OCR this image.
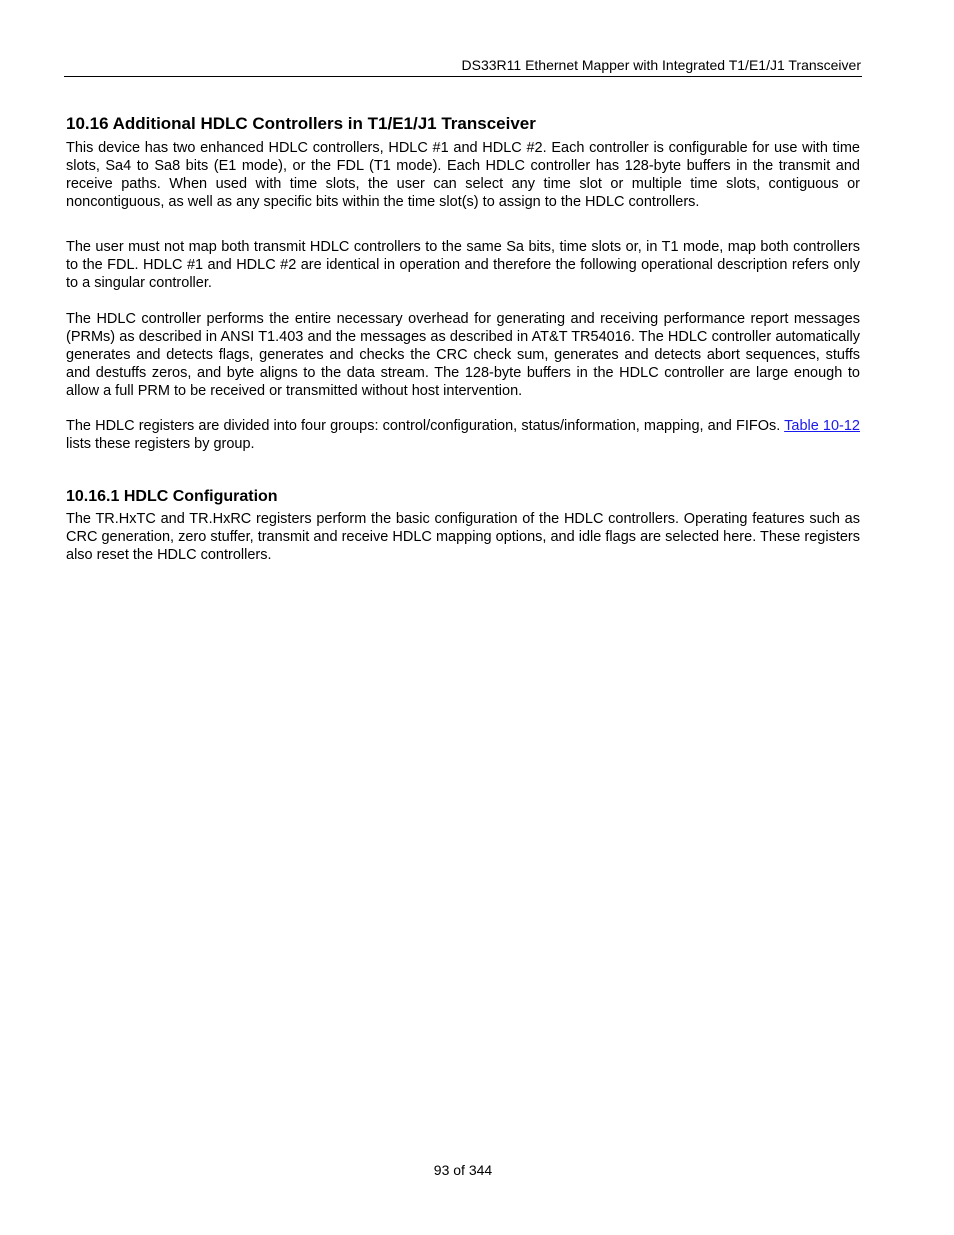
DS33R11 Ethernet Mapper with Integrated T1/E1/J1 Transceiver
10.16 Additional HDLC Controllers in T1/E1/J1 Transceiver
This device has two enhanced HDLC controllers, HDLC #1 and HDLC #2. Each controller is configurable for use with time slots, Sa4 to Sa8 bits (E1 mode), or the FDL (T1 mode). Each HDLC controller has 128-byte buffers in the transmit and receive paths. When used with time slots, the user can select any time slot or multiple time slots, contiguous or noncontiguous, as well as any specific bits within the time slot(s) to assign to the HDLC controllers.
The user must not map both transmit HDLC controllers to the same Sa bits, time slots or, in T1 mode, map both controllers to the FDL. HDLC #1 and HDLC #2 are identical in operation and therefore the following operational description refers only to a singular controller.
The HDLC controller performs the entire necessary overhead for generating and receiving performance report messages (PRMs) as described in ANSI T1.403 and the messages as described in AT&T TR54016. The HDLC controller automatically generates and detects flags, generates and checks the CRC check sum, generates and detects abort sequences, stuffs and destuffs zeros, and byte aligns to the data stream. The 128-byte buffers in the HDLC controller are large enough to allow a full PRM to be received or transmitted without host intervention.
The HDLC registers are divided into four groups: control/configuration, status/information, mapping, and FIFOs. Table 10-12 lists these registers by group.
10.16.1 HDLC Configuration
The TR.HxTC and TR.HxRC registers perform the basic configuration of the HDLC controllers. Operating features such as CRC generation, zero stuffer, transmit and receive HDLC mapping options, and idle flags are selected here. These registers also reset the HDLC controllers.
93 of 344
